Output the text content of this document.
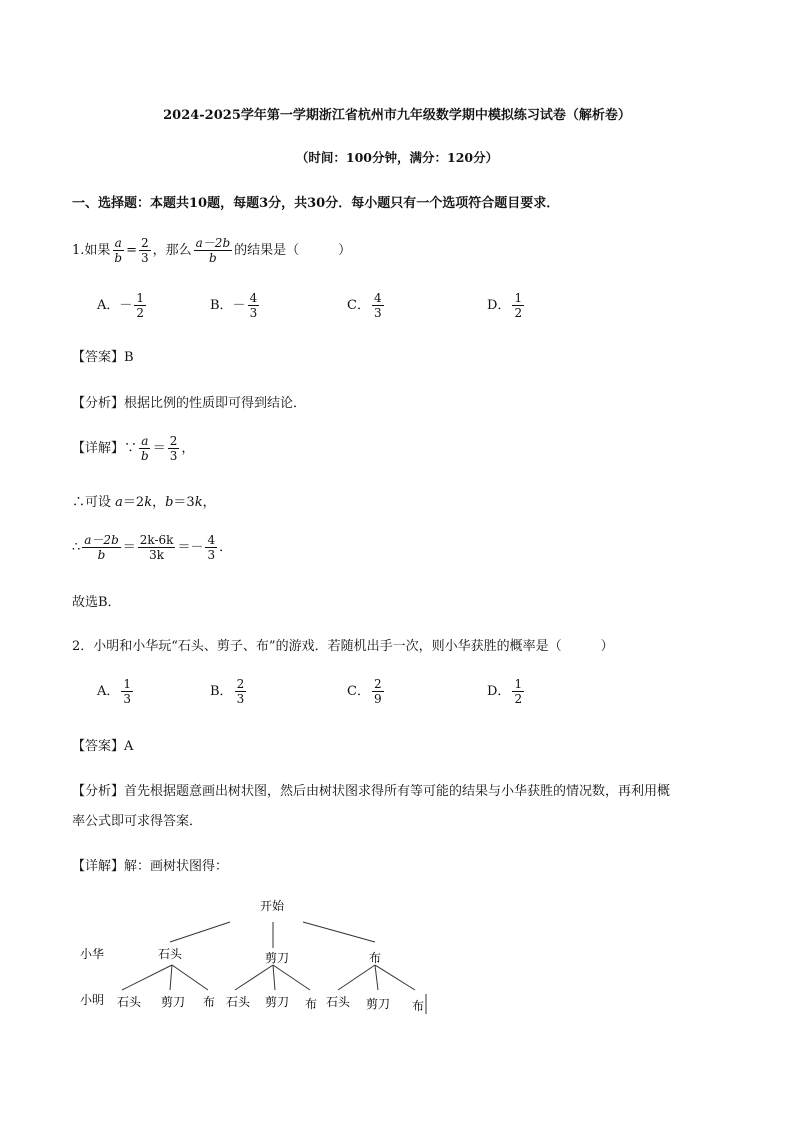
2024-2025学年第一学期浙江省杭州市九年级数学期中模拟练习试卷（解析卷）
（时间：100分钟，满分：120分）
一、选择题：本题共10题，每题3分，共30分．每小题只有一个选项符合题目要求．
1.如果 $\frac{a}{b} = \frac{2}{3}$ ，那么 $\frac{a-2b}{b}$ 的结果是（　　　）
A．－ $\frac{1}{2}$	B．－ $\frac{4}{3}$	C． $\frac{4}{3}$	D． $\frac{1}{2}$
【答案】B
【分析】根据比例的性质即可得到结论．
【详解】∵ $\frac{a}{b} = \frac{2}{3}$ ，
∴可设 a＝2k，b＝3k，
∴ $\frac{a-2b}{b} = \frac{2k-6k}{3k} =- \frac{4}{3}$ ．
故选B．
2．小明和小华玩“石头、剪子、布”的游戏．若随机出手一次，则小华获胜的概率是（　　　）
A． $\frac{1}{3}$	B． $\frac{2}{3}$	C． $\frac{2}{9}$	D． $\frac{1}{2}$
【答案】A
【分析】首先根据题意画出树状图，然后由树状图求得所有等可能的结果与小华获胜的情况数，再利用概
率公式即可求得答案．
【详解】解：画树状图得：
开始
小华
小明
石头	剪刀	布
石头 剪刀 布 石头 剪刀 布 石头 剪刀 布
